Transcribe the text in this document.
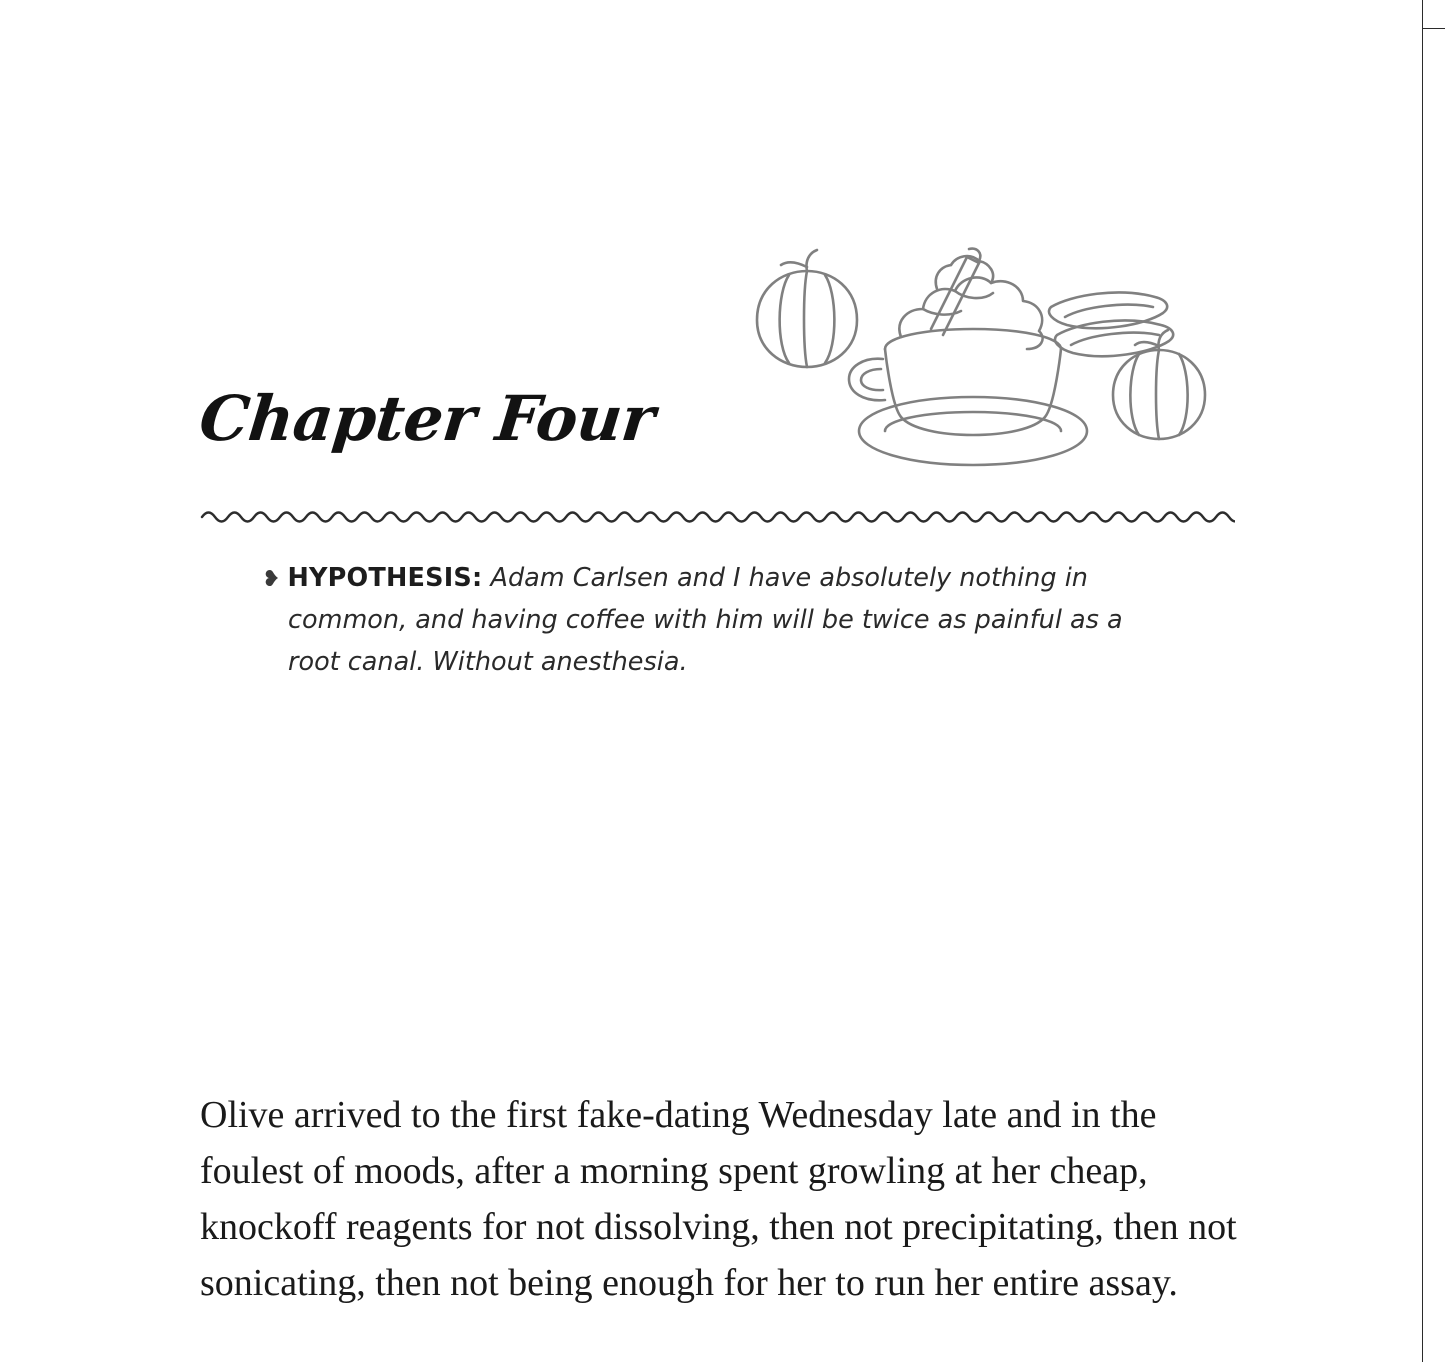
Chapter Four
❥ HYPOTHESIS: Adam Carlsen and I have absolutely nothing in common, and having coffee with him will be twice as painful as a root canal. Without anesthesia.
Olive arrived to the first fake-dating Wednesday late and in the foulest of moods, after a morning spent growling at her cheap, knockoff reagents for not dissolving, then not precipitating, then not sonicating, then not being enough for her to run her entire assay.
